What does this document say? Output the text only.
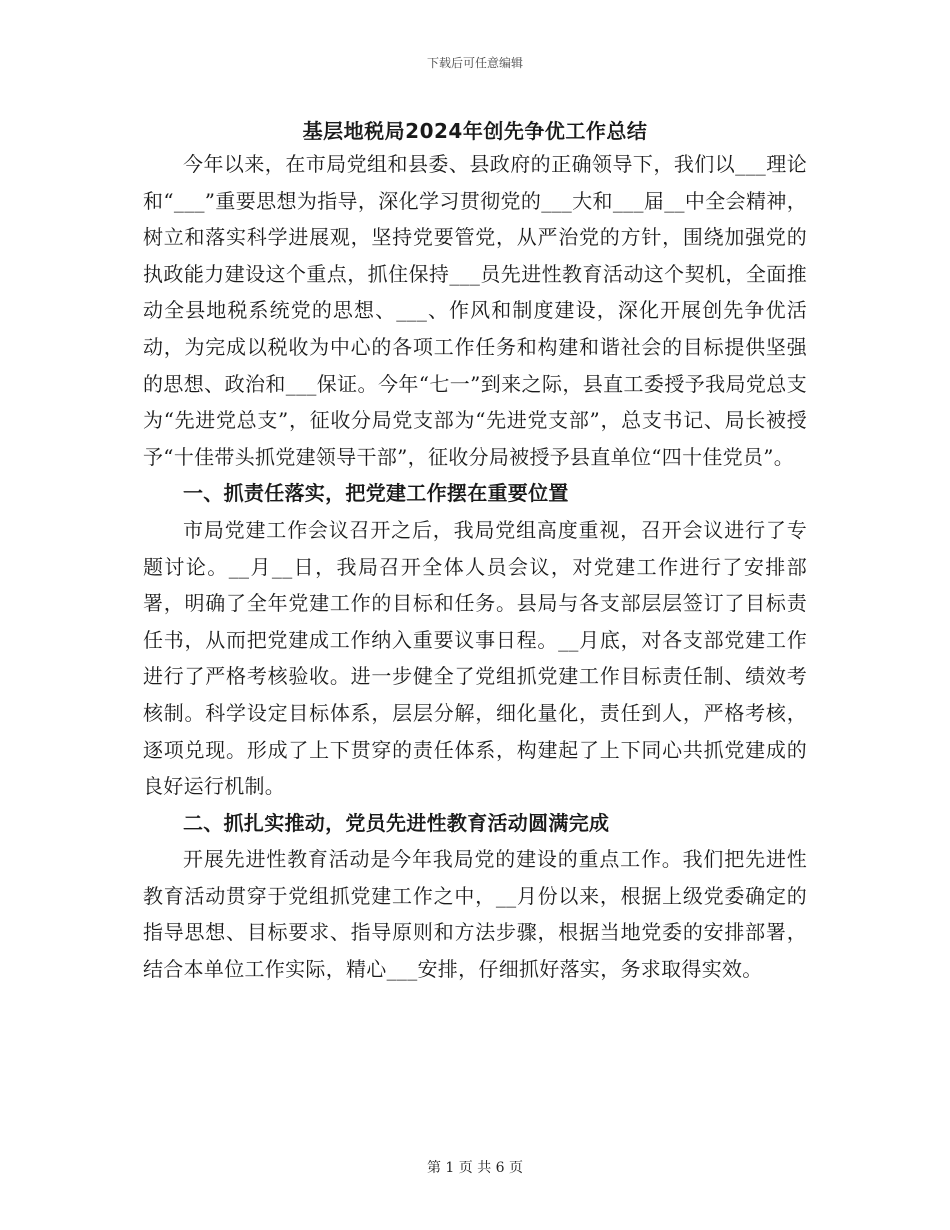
下载后可任意编辑
基层地税局2024年创先争优工作总结

今年以来，在市局党组和县委、县政府的正确领导下，我们以___理论和“___”重要思想为指导，深化学习贯彻党的___大和___届__中全会精神，树立和落实科学进展观，坚持党要管党，从严治党的方针，围绕加强党的执政能力建设这个重点，抓住保持___员先进性教育活动这个契机，全面推动全县地税系统党的思想、___、作风和制度建设，深化开展创先争优活动，为完成以税收为中心的各项工作任务和构建和谐社会的目标提供坚强的思想、政治和___保证。今年“七一”到来之际，县直工委授予我局党总支为“先进党总支”，征收分局党支部为“先进党支部”，总支书记、局长被授予“十佳带头抓党建领导干部”，征收分局被授予县直单位“四十佳党员”。

一、抓责任落实，把党建工作摆在重要位置

市局党建工作会议召开之后，我局党组高度重视，召开会议进行了专题讨论。__月__日，我局召开全体人员会议，对党建工作进行了安排部署，明确了全年党建工作的目标和任务。县局与各支部层层签订了目标责任书，从而把党建成工作纳入重要议事日程。__月底，对各支部党建工作进行了严格考核验收。进一步健全了党组抓党建工作目标责任制、绩效考核制。科学设定目标体系，层层分解，细化量化，责任到人，严格考核，逐项兑现。形成了上下贯穿的责任体系，构建起了上下同心共抓党建成的良好运行机制。

二、抓扎实推动，党员先进性教育活动圆满完成

开展先进性教育活动是今年我局党的建设的重点工作。我们把先进性教育活动贯穿于党组抓党建工作之中，__月份以来，根据上级党委确定的指导思想、目标要求、指导原则和方法步骤，根据当地党委的安排部署，结合本单位工作实际，精心___安排，仔细抓好落实，务求取得实效。

第 1 页 共 6 页
